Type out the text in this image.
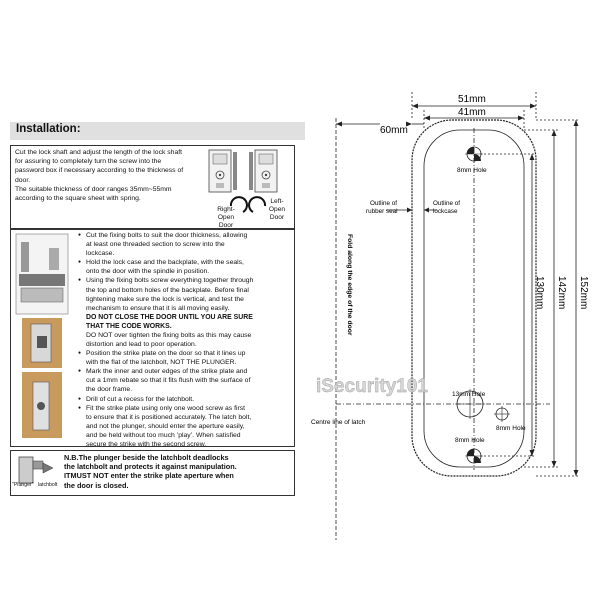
Installation:

Cut the lock shaft and adjust the length of the lock shaft

for assuring to completely turn the screw into the

password box if necessary according to the thickness of

door.

The suitable thickness of door ranges 35mm~55mm

according to the square sheet with spring.

Right-Open
Door
Left-
Open
Door
● Cut the fixing bolts to suit the door thickness, allowing
at least one threaded section to screw into the
lockcase.
● Hold the lock case and the backplate, with the seals,
onto the door with the spindle in position.
● Using the fixing bolts screw everything together through
the top and bottom holes of the backplate. Before final
tightening make sure the lock is vertical, and test the
mechanism to ensure that it is all moving easily.
DO NOT CLOSE THE DOOR UNTIL YOU ARE SURE
THAT THE CODE WORKS.
DO NOT over tighten the fixing bolts as this may cause
distortion and lead to poor operation.
● Position the strike plate on the door so that it lines up
with the flat of the latchbolt, NOT THE PLUNGER.
● Mark the inner and outer edges of the strike plate and
cut a 1mm rebate so that it fits flush with the surface of
the door frame.
● Drill of cut a recess for the latchbolt.
● Fit the strike plate using only one wood screw as first
to ensure that it is positioned accurately. The latch bolt,
and not the plunger, should enter the aperture easily,
and be held without too much ’play’. When satisfied
secure the strike with the second screw.
"Plunger" latchbolt
N.B.The plunger beside the latchbolt deadlocks
the latchbolt and protects it against manipulation.
ITMUST NOT enter the strike plate aperture when
the door is closed.
51mm
41mm
60mm
8mm Hole
Outline of
rubber seal
Outline of
lockcase
Fold along the edge of the door	130mm 142mm 152mm
13mm Hole
8mm Hole
8mm Hole
Centre line of latch
iSecurity101
